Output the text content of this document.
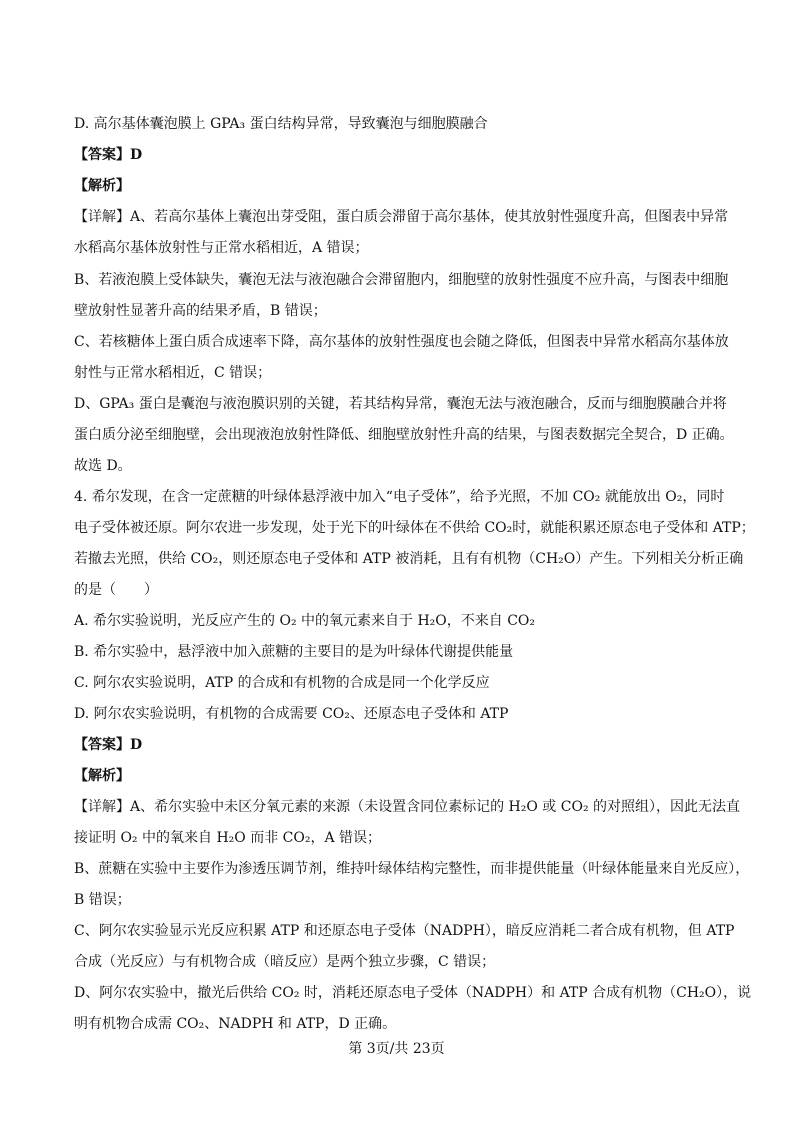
D. 高尔基体囊泡膜上 GPA₃ 蛋白结构异常，导致囊泡与细胞膜融合
【答案】D
【解析】
【详解】A、若高尔基体上囊泡出芽受阻，蛋白质会滞留于高尔基体，使其放射性强度升高，但图表中异常
水稻高尔基体放射性与正常水稻相近，A 错误；
B、若液泡膜上受体缺失，囊泡无法与液泡融合会滞留胞内，细胞壁的放射性强度不应升高，与图表中细胞
壁放射性显著升高的结果矛盾，B 错误；
C、若核糖体上蛋白质合成速率下降，高尔基体的放射性强度也会随之降低，但图表中异常水稻高尔基体放
射性与正常水稻相近，C 错误；
D、GPA₃ 蛋白是囊泡与液泡膜识别的关键，若其结构异常，囊泡无法与液泡融合，反而与细胞膜融合并将
蛋白质分泌至细胞壁，会出现液泡放射性降低、细胞壁放射性升高的结果，与图表数据完全契合，D 正确。
故选 D。
4. 希尔发现，在含一定蔗糖的叶绿体悬浮液中加入“电子受体”，给予光照，不加 CO₂ 就能放出 O₂，同时
电子受体被还原。阿尔农进一步发现，处于光下的叶绿体在不供给 CO₂时，就能积累还原态电子受体和 ATP；
若撤去光照，供给 CO₂，则还原态电子受体和 ATP 被消耗，且有有机物（CH₂O）产生。下列相关分析正确
的是（　　）
A. 希尔实验说明，光反应产生的 O₂ 中的氧元素来自于 H₂O，不来自 CO₂
B. 希尔实验中，悬浮液中加入蔗糖的主要目的是为叶绿体代谢提供能量
C. 阿尔农实验说明，ATP 的合成和有机物的合成是同一个化学反应
D. 阿尔农实验说明，有机物的合成需要 CO₂、还原态电子受体和 ATP
【答案】D
【解析】
【详解】A、希尔实验中未区分氧元素的来源（未设置含同位素标记的 H₂O 或 CO₂ 的对照组），因此无法直
接证明 O₂ 中的氧来自 H₂O 而非 CO₂，A 错误；
B、蔗糖在实验中主要作为渗透压调节剂，维持叶绿体结构完整性，而非提供能量（叶绿体能量来自光反应），
B 错误；
C、阿尔农实验显示光反应积累 ATP 和还原态电子受体（NADPH），暗反应消耗二者合成有机物，但 ATP
合成（光反应）与有机物合成（暗反应）是两个独立步骤，C 错误；
D、阿尔农实验中，撤光后供给 CO₂ 时，消耗还原态电子受体（NADPH）和 ATP 合成有机物（CH₂O），说
明有机物合成需 CO₂、NADPH 和 ATP，D 正确。
第 3页/共 23页
